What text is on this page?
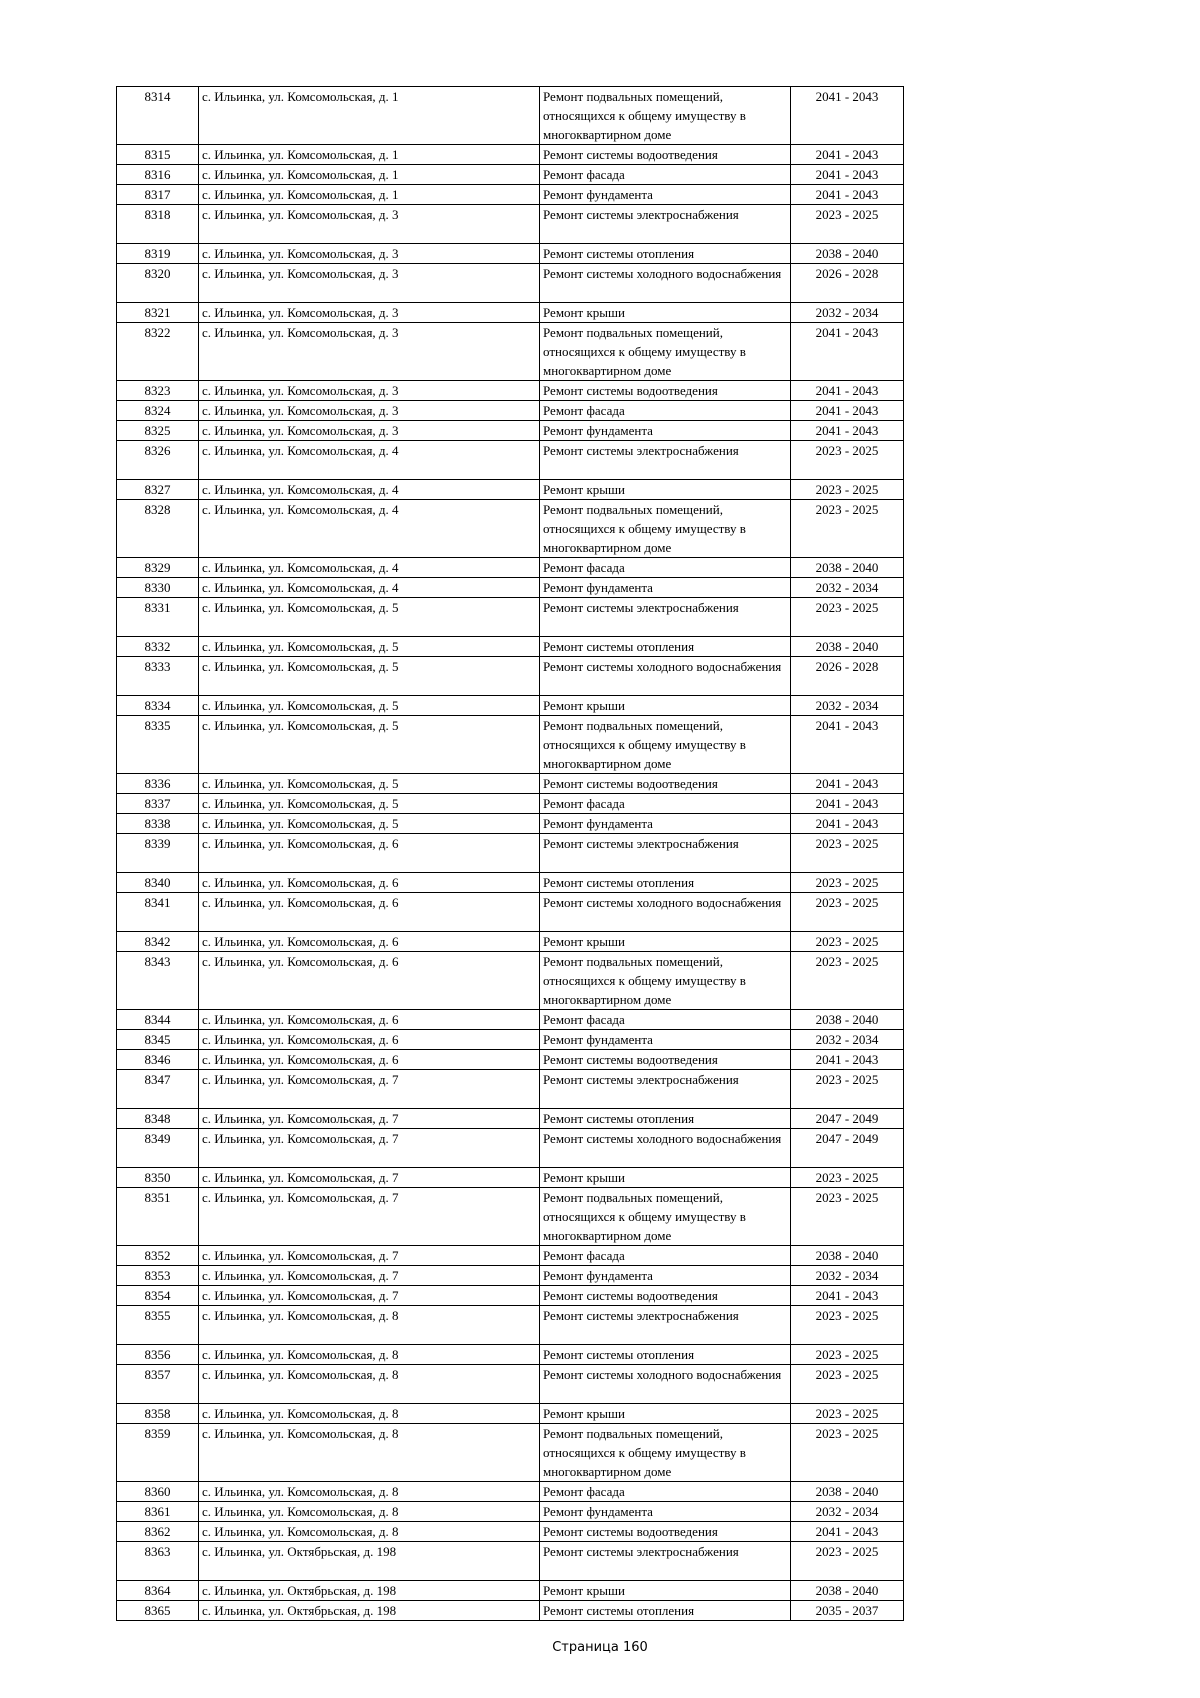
8314	с. Ильинка, ул. Комсомольская, д. 1	Ремонт подвальных помещений, относящихся к общему имуществу в многоквартирном доме	2041 - 2043
8315	с. Ильинка, ул. Комсомольская, д. 1	Ремонт системы водоотведения	2041 - 2043
8316	с. Ильинка, ул. Комсомольская, д. 1	Ремонт фасада	2041 - 2043
8317	с. Ильинка, ул. Комсомольская, д. 1	Ремонт фундамента	2041 - 2043
8318	с. Ильинка, ул. Комсомольская, д. 3	Ремонт системы электроснабжения	2023 - 2025
8319	с. Ильинка, ул. Комсомольская, д. 3	Ремонт системы отопления	2038 - 2040
8320	с. Ильинка, ул. Комсомольская, д. 3	Ремонт системы холодного водоснабжения	2026 - 2028
8321	с. Ильинка, ул. Комсомольская, д. 3	Ремонт крыши	2032 - 2034
8322	с. Ильинка, ул. Комсомольская, д. 3	Ремонт подвальных помещений, относящихся к общему имуществу в многоквартирном доме	2041 - 2043
8323	с. Ильинка, ул. Комсомольская, д. 3	Ремонт системы водоотведения	2041 - 2043
8324	с. Ильинка, ул. Комсомольская, д. 3	Ремонт фасада	2041 - 2043
8325	с. Ильинка, ул. Комсомольская, д. 3	Ремонт фундамента	2041 - 2043
8326	с. Ильинка, ул. Комсомольская, д. 4	Ремонт системы электроснабжения	2023 - 2025
8327	с. Ильинка, ул. Комсомольская, д. 4	Ремонт крыши	2023 - 2025
8328	с. Ильинка, ул. Комсомольская, д. 4	Ремонт подвальных помещений, относящихся к общему имуществу в многоквартирном доме	2023 - 2025
8329	с. Ильинка, ул. Комсомольская, д. 4	Ремонт фасада	2038 - 2040
8330	с. Ильинка, ул. Комсомольская, д. 4	Ремонт фундамента	2032 - 2034
8331	с. Ильинка, ул. Комсомольская, д. 5	Ремонт системы электроснабжения	2023 - 2025
8332	с. Ильинка, ул. Комсомольская, д. 5	Ремонт системы отопления	2038 - 2040
8333	с. Ильинка, ул. Комсомольская, д. 5	Ремонт системы холодного водоснабжения	2026 - 2028
8334	с. Ильинка, ул. Комсомольская, д. 5	Ремонт крыши	2032 - 2034
8335	с. Ильинка, ул. Комсомольская, д. 5	Ремонт подвальных помещений, относящихся к общему имуществу в многоквартирном доме	2041 - 2043
8336	с. Ильинка, ул. Комсомольская, д. 5	Ремонт системы водоотведения	2041 - 2043
8337	с. Ильинка, ул. Комсомольская, д. 5	Ремонт фасада	2041 - 2043
8338	с. Ильинка, ул. Комсомольская, д. 5	Ремонт фундамента	2041 - 2043
8339	с. Ильинка, ул. Комсомольская, д. 6	Ремонт системы электроснабжения	2023 - 2025
8340	с. Ильинка, ул. Комсомольская, д. 6	Ремонт системы отопления	2023 - 2025
8341	с. Ильинка, ул. Комсомольская, д. 6	Ремонт системы холодного водоснабжения	2023 - 2025
8342	с. Ильинка, ул. Комсомольская, д. 6	Ремонт крыши	2023 - 2025
8343	с. Ильинка, ул. Комсомольская, д. 6	Ремонт подвальных помещений, относящихся к общему имуществу в многоквартирном доме	2023 - 2025
8344	с. Ильинка, ул. Комсомольская, д. 6	Ремонт фасада	2038 - 2040
8345	с. Ильинка, ул. Комсомольская, д. 6	Ремонт фундамента	2032 - 2034
8346	с. Ильинка, ул. Комсомольская, д. 6	Ремонт системы водоотведения	2041 - 2043
8347	с. Ильинка, ул. Комсомольская, д. 7	Ремонт системы электроснабжения	2023 - 2025
8348	с. Ильинка, ул. Комсомольская, д. 7	Ремонт системы отопления	2047 - 2049
8349	с. Ильинка, ул. Комсомольская, д. 7	Ремонт системы холодного водоснабжения	2047 - 2049
8350	с. Ильинка, ул. Комсомольская, д. 7	Ремонт крыши	2023 - 2025
8351	с. Ильинка, ул. Комсомольская, д. 7	Ремонт подвальных помещений, относящихся к общему имуществу в многоквартирном доме	2023 - 2025
8352	с. Ильинка, ул. Комсомольская, д. 7	Ремонт фасада	2038 - 2040
8353	с. Ильинка, ул. Комсомольская, д. 7	Ремонт фундамента	2032 - 2034
8354	с. Ильинка, ул. Комсомольская, д. 7	Ремонт системы водоотведения	2041 - 2043
8355	с. Ильинка, ул. Комсомольская, д. 8	Ремонт системы электроснабжения	2023 - 2025
8356	с. Ильинка, ул. Комсомольская, д. 8	Ремонт системы отопления	2023 - 2025
8357	с. Ильинка, ул. Комсомольская, д. 8	Ремонт системы холодного водоснабжения	2023 - 2025
8358	с. Ильинка, ул. Комсомольская, д. 8	Ремонт крыши	2023 - 2025
8359	с. Ильинка, ул. Комсомольская, д. 8	Ремонт подвальных помещений, относящихся к общему имуществу в многоквартирном доме	2023 - 2025
8360	с. Ильинка, ул. Комсомольская, д. 8	Ремонт фасада	2038 - 2040
8361	с. Ильинка, ул. Комсомольская, д. 8	Ремонт фундамента	2032 - 2034
8362	с. Ильинка, ул. Комсомольская, д. 8	Ремонт системы водоотведения	2041 - 2043
8363	с. Ильинка, ул. Октябрьская, д. 198	Ремонт системы электроснабжения	2023 - 2025
8364	с. Ильинка, ул. Октябрьская, д. 198	Ремонт крыши	2038 - 2040
8365	с. Ильинка, ул. Октябрьская, д. 198	Ремонт системы отопления	2035 - 2037
Страница 160
